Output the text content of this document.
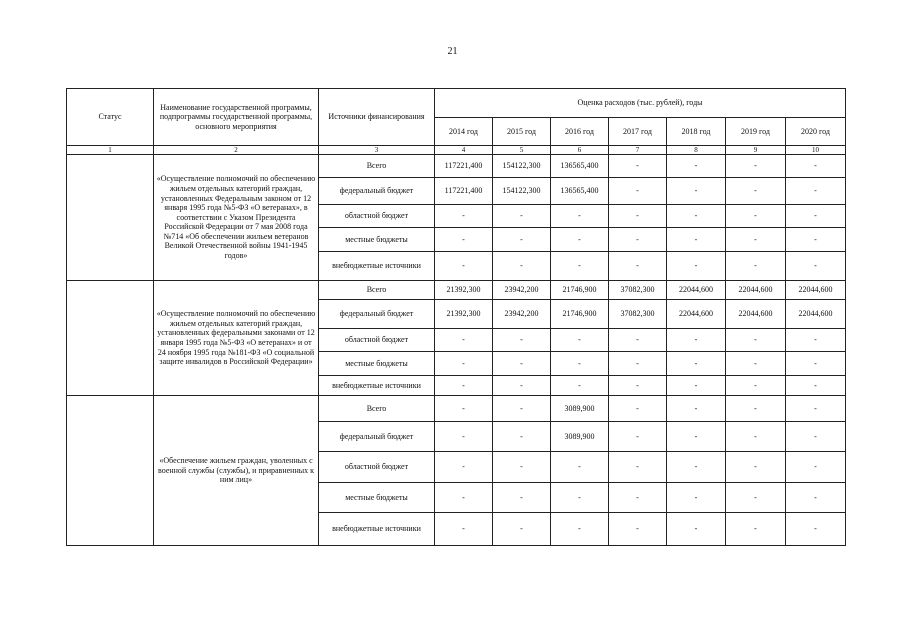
21
Статус	Наименование государственной программы, подпрограммы государственной программы, основного мероприятия	Источники финансирования	Оценка расходов (тыс. рублей), годы						
			2014 год	2015 год	2016 год	2017 год	2018 год	2019 год	2020 год
1	2	3	4	5	6	7	8	9	10
	«Осуществление полномочий по обеспечению жильем отдельных категорий граждан, установленных Федеральным законом от 12 января 1995 года №5-ФЗ «О ветеранах», в соответствии с Указом Президента Российской Федерации от 7 мая 2008 года №714 «Об обеспечении жильем ветеранов Великой Отечественной войны 1941-1945 годов»	Всего	117221,400	154122,300	136565,400	-	-	-	-
		федеральный бюджет	117221,400	154122,300	136565,400	-	-	-	-
		областной бюджет	-	-	-	-	-	-	-
		местные бюджеты	-	-	-	-	-	-	-
		внебюджетные источники	-	-	-	-	-	-	-
	«Осуществление полномочий по обеспечению жильем отдельных категорий граждан, установленных федеральными законами от 12 января 1995 года №5-ФЗ «О ветеранах» и от 24 ноября 1995 года №181-ФЗ «О социальной защите инвалидов в Российской Федерации»	Всего	21392,300	23942,200	21746,900	37082,300	22044,600	22044,600	22044,600
		федеральный бюджет	21392,300	23942,200	21746,900	37082,300	22044,600	22044,600	22044,600
		областной бюджет	-	-	-	-	-	-	-
		местные бюджеты	-	-	-	-	-	-	-
		внебюджетные источники	-	-	-	-	-	-	-
	«Обеспечение жильем граждан, уволенных с военной службы (службы), и приравненных к ним лиц»	Всего	-	-	3089,900	-	-	-	-
		федеральный бюджет	-	-	3089,900	-	-	-	-
		областной бюджет	-	-	-	-	-	-	-
		местные бюджеты	-	-	-	-	-	-	-
		внебюджетные источники	-	-	-	-	-	-	-
